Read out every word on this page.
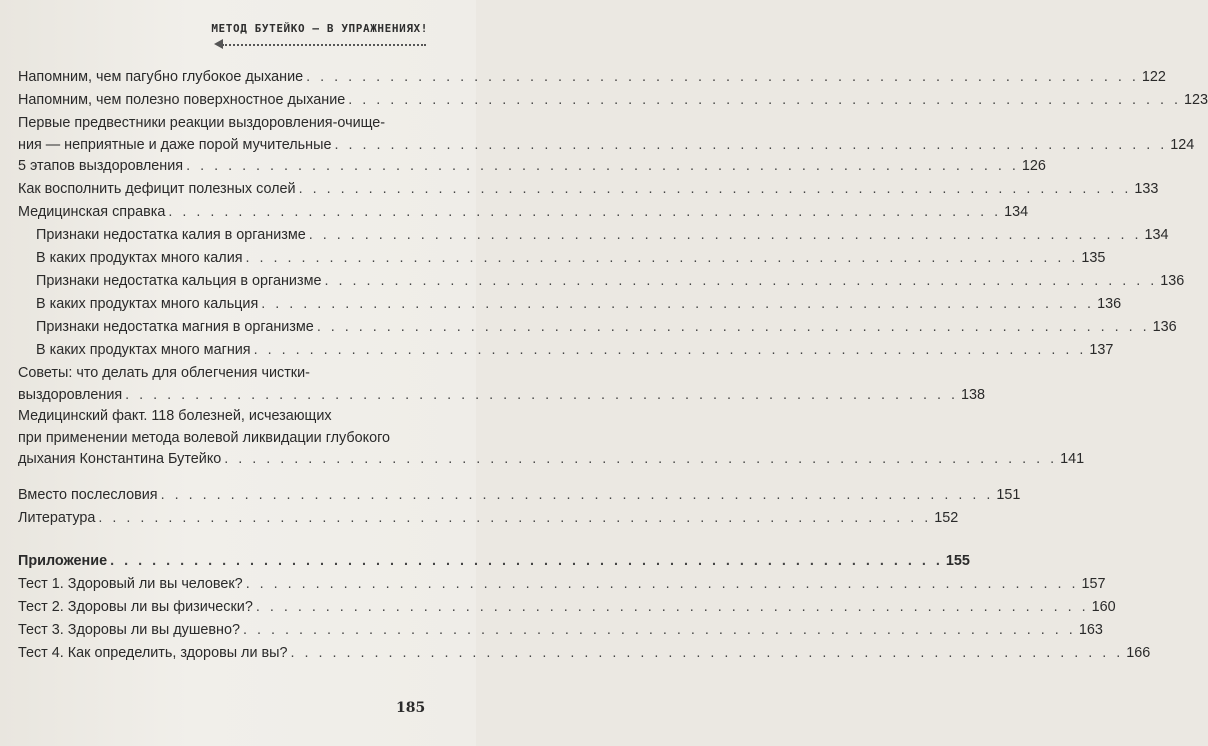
МЕТОД БУТЕЙКО — В УПРАЖНЕНИЯХ!
Напомним, чем пагубно глубокое дыхание . . . . . . . . . . . . . . . . . . . . . . . . . . . . . . . . . . . . . . . . . . . . . . . . . . . . . . . . . . . . 122
Напомним, чем полезно поверхностное дыхание . . . . . . . . . . . . . . . . . . . . . . . . . . . . . . . . . . . . . . . . . . . . . . . . . . . . . . . . . . . . 123
Первые предвестники реакции выздоровления-очище-
ния — неприятные и даже порой мучительные . . . . . . . . . . . . . . . . . . . . . . . . . . . . . . . . . . . . . . . . . . . . . . . . . . . . . . . . . . . . 124
5 этапов выздоровления . . . . . . . . . . . . . . . . . . . . . . . . . . . . . . . . . . . . . . . . . . . . . . . . . . . . . . . . . . . . 126
Как восполнить дефицит полезных солей . . . . . . . . . . . . . . . . . . . . . . . . . . . . . . . . . . . . . . . . . . . . . . . . . . . . . . . . . . . . 133
Медицинская справка . . . . . . . . . . . . . . . . . . . . . . . . . . . . . . . . . . . . . . . . . . . . . . . . . . . . . . . . . . . . 134
Признаки недостатка калия в организме . . . . . . . . . . . . . . . . . . . . . . . . . . . . . . . . . . . . . . . . . . . . . . . . . . . . . . . . . . . . 134
В каких продуктах много калия . . . . . . . . . . . . . . . . . . . . . . . . . . . . . . . . . . . . . . . . . . . . . . . . . . . . . . . . . . . . 135
Признаки недостатка кальция в организме . . . . . . . . . . . . . . . . . . . . . . . . . . . . . . . . . . . . . . . . . . . . . . . . . . . . . . . . . . . . 136
В каких продуктах много кальция . . . . . . . . . . . . . . . . . . . . . . . . . . . . . . . . . . . . . . . . . . . . . . . . . . . . . . . . . . . . 136
Признаки недостатка магния в организме . . . . . . . . . . . . . . . . . . . . . . . . . . . . . . . . . . . . . . . . . . . . . . . . . . . . . . . . . . . . 136
В каких продуктах много магния . . . . . . . . . . . . . . . . . . . . . . . . . . . . . . . . . . . . . . . . . . . . . . . . . . . . . . . . . . . . 137
Советы: что делать для облегчения чистки-
выздоровления . . . . . . . . . . . . . . . . . . . . . . . . . . . . . . . . . . . . . . . . . . . . . . . . . . . . . . . . . . . . 138
Медицинский факт. 118 болезней, исчезающих
при применении метода волевой ликвидации глубокого
дыхания Константина Бутейко . . . . . . . . . . . . . . . . . . . . . . . . . . . . . . . . . . . . . . . . . . . . . . . . . . . . . . . . . . . . 141
Вместо послесловия . . . . . . . . . . . . . . . . . . . . . . . . . . . . . . . . . . . . . . . . . . . . . . . . . . . . . . . . . . . . 151
Литература . . . . . . . . . . . . . . . . . . . . . . . . . . . . . . . . . . . . . . . . . . . . . . . . . . . . . . . . . . . . 152
Приложение . . . . . . . . . . . . . . . . . . . . . . . . . . . . . . . . . . . . . . . . . . . . . . . . . . . . . . . . . . . . 155
Тест 1. Здоровый ли вы человек? . . . . . . . . . . . . . . . . . . . . . . . . . . . . . . . . . . . . . . . . . . . . . . . . . . . . . . . . . . . . 157
Тест 2. Здоровы ли вы физически? . . . . . . . . . . . . . . . . . . . . . . . . . . . . . . . . . . . . . . . . . . . . . . . . . . . . . . . . . . . . 160
Тест 3. Здоровы ли вы душевно? . . . . . . . . . . . . . . . . . . . . . . . . . . . . . . . . . . . . . . . . . . . . . . . . . . . . . . . . . . . . 163
Тест 4. Как определить, здоровы ли вы? . . . . . . . . . . . . . . . . . . . . . . . . . . . . . . . . . . . . . . . . . . . . . . . . . . . . . . . . . . . . 166
185
